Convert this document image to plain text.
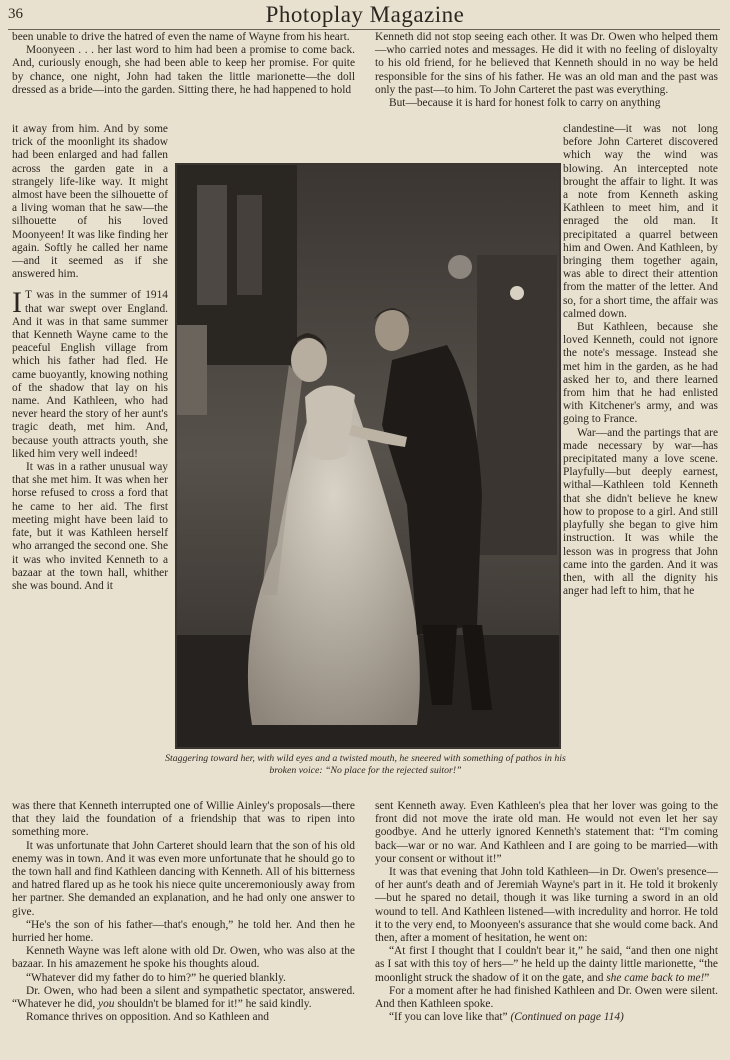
36	Photoplay Magazine

been unable to drive the hatred of even the name of Wayne from his heart.

Moonyeen . . . her last word to him had been a promise to come back. And, curiously enough, she had been able to keep her promise. For quite by chance, one night, John had taken the little marionette—the doll dressed as a bride—into the garden. Sitting there, he had happened to hold

it away from him. And by some trick of the moonlight its shadow had been enlarged and had fallen across the garden gate in a strangely life-like way. It might almost have been the silhouette of a living woman that he saw—the silhouette of his loved Moonyeen! It was like finding her again. Softly he called her name—and it seemed as if she answered him.

I T was in the summer of 1914 that war swept over England. And it was in that same summer that Kenneth Wayne came to the peaceful English village from which his father had fled. He came buoyantly, knowing nothing of the shadow that lay on his name. And Kathleen, who had never heard the story of her aunt's tragic death, met him. And, because youth attracts youth, she liked him very well indeed!

It was in a rather unusual way that she met him. It was when her horse refused to cross a ford that he came to her aid. The first meeting might have been laid to fate, but it was Kathleen herself who arranged the second one. She it was who invited Kenneth to a bazaar at the town hall, whither she was bound. And it

Staggering toward her, with wild eyes and a twisted mouth, he sneered with something of pathos in his broken voice: “No place for the rejected suitor!”

Kenneth did not stop seeing each other. It was Dr. Owen who helped them—who carried notes and messages. He did it with no feeling of disloyalty to his old friend, for he believed that Kenneth should in no way be held responsible for the sins of his father. He was an old man and the past was only the past—to him. To John Carteret the past was everything.

But—because it is hard for honest folk to carry on anything

clandestine—it was not long before John Carteret discovered which way the wind was blowing. An intercepted note brought the affair to light. It was a note from Kenneth asking Kathleen to meet him, and it enraged the old man. It precipitated a quarrel between him and Owen. And Kathleen, by bringing them together again, was able to direct their attention from the matter of the letter. And so, for a short time, the affair was calmed down.

But Kathleen, because she loved Kenneth, could not ignore the note's message. Instead she met him in the garden, as he had asked her to, and there learned from him that he had enlisted with Kitchener's army, and was going to France.

War—and the partings that are made necessary by war—has precipitated many a love scene. Playfully—but deeply earnest, withal—Kathleen told Kenneth that she didn't believe he knew how to propose to a girl. And still playfully she began to give him instruction. It was while the lesson was in progress that John came into the garden. And it was then, with all the dignity his anger had left to him, that he

was there that Kenneth interrupted one of Willie Ainley's proposals—there that they laid the foundation of a friendship that was to ripen into something more.

It was unfortunate that John Carteret should learn that the son of his old enemy was in town. And it was even more unfortunate that he should go to the town hall and find Kathleen dancing with Kenneth. All of his bitterness and hatred flared up as he took his niece quite unceremoniously away from her partner. She demanded an explanation, and he had only one answer to give.

“He's the son of his father—that's enough,” he told her. And then he hurried her home.

Kenneth Wayne was left alone with old Dr. Owen, who was also at the bazaar. In his amazement he spoke his thoughts aloud.

“Whatever did my father do to him?” he queried blankly.

Dr. Owen, who had been a silent and sympathetic spectator, answered. “Whatever he did, you shouldn't be blamed for it!” he said kindly.

Romance thrives on opposition. And so Kathleen and

sent Kenneth away. Even Kathleen's plea that her lover was going to the front did not move the irate old man. He would not even let her say goodbye. And he utterly ignored Kenneth's statement that: “I'm coming back—war or no war. And Kathleen and I are going to be married—with your consent or without it!”

It was that evening that John told Kathleen—in Dr. Owen's presence—of her aunt's death and of Jeremiah Wayne's part in it. He told it brokenly—but he spared no detail, though it was like turning a sword in an old wound to tell. And Kathleen listened—with incredulity and horror. He told it to the very end, to Moonyeen's assurance that she would come back. And then, after a moment of hesitation, he went on:

“At first I thought that I couldn't bear it,” he said, “and then one night as I sat with this toy of hers—” he held up the dainty little marionette, “the moonlight struck the shadow of it on the gate, and she came back to me!”

For a moment after he had finished Kathleen and Dr. Owen were silent. And then Kathleen spoke.

“If you can love like that” (Continued on page 114)
